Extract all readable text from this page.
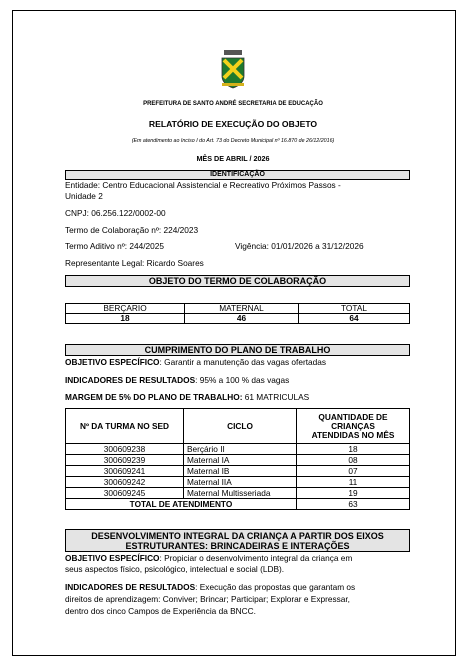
PREFEITURA DE SANTO ANDRÉ SECRETARIA DE EDUCAÇÃO
RELATÓRIO DE EXECUÇÃO DO OBJETO
(Em atendimento ao Inciso I do Art. 73 do Decreto Municipal nº 16.870 de 26/12/2016)
MÊS DE ABRIL / 2026
IDENTIFICAÇÃO
Entidade: Centro Educacional Assistencial e Recreativo Próximos Passos -
Unidade 2
CNPJ: 06.256.122/0002-00
Termo de Colaboração nº: 224/2023
Termo Aditivo nº: 244/2025	Vigência: 01/01/2026 a 31/12/2026
Representante Legal: Ricardo Soares
OBJETO DO TERMO DE COLABORAÇÃO
BERÇARIO	MATERNAL	TOTAL
18	46	64
CUMPRIMENTO DO PLANO DE TRABALHO
OBJETIVO ESPECÍFICO: Garantir a manutenção das vagas ofertadas
INDICADORES DE RESULTADOS: 95% a 100 % das vagas
MARGEM DE 5% DO PLANO DE TRABALHO: 61 MATRICULAS
Nº DA TURMA NO SED	CICLO	QUANTIDADE DE
CRIANÇAS
ATENDIDAS NO MÊS

300609238	Berçário II	18
300609239	Maternal IA	08
300609241	Maternal IB	07
300609242	Maternal IIA	11
300609245	Maternal Multisseriada	19
TOTAL DE ATENDIMENTO		63
DESENVOLVIMENTO INTEGRAL DA CRIANÇA A PARTIR DOS EIXOS
ESTRUTURANTES: BRINCADEIRAS E INTERAÇÕES
OBJETIVO ESPECÍFICO: Propiciar o desenvolvimento integral da criança em
seus aspectos físico, psicológico, intelectual e social (LDB).
INDICADORES DE RESULTADOS: Execução das propostas que garantam os
direitos de aprendizagem: Conviver; Brincar; Participar; Explorar e Expressar,
dentro dos cinco Campos de Experiência da BNCC.
